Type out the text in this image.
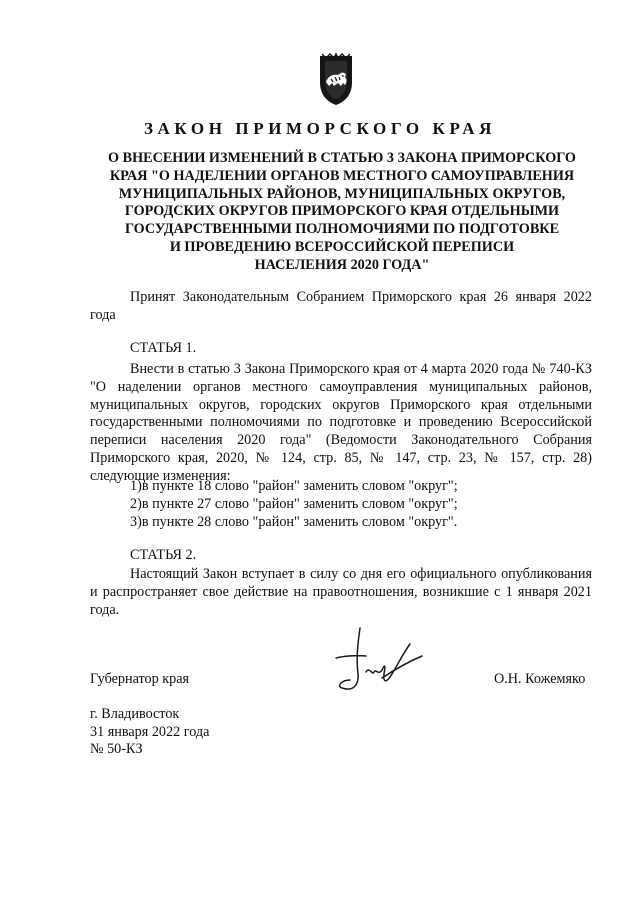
ЗАКОН ПРИМОРСКОГО КРАЯ
О ВНЕСЕНИИ ИЗМЕНЕНИЙ В СТАТЬЮ 3 ЗАКОНА ПРИМОРСКОГО
КРАЯ "О НАДЕЛЕНИИ ОРГАНОВ МЕСТНОГО САМОУПРАВЛЕНИЯ
МУНИЦИПАЛЬНЫХ РАЙОНОВ, МУНИЦИПАЛЬНЫХ ОКРУГОВ,
ГОРОДСКИХ ОКРУГОВ ПРИМОРСКОГО КРАЯ ОТДЕЛЬНЫМИ
ГОСУДАРСТВЕННЫМИ ПОЛНОМОЧИЯМИ ПО ПОДГОТОВКЕ
И ПРОВЕДЕНИЮ ВСЕРОССИЙСКОЙ ПЕРЕПИСИ
НАСЕЛЕНИЯ 2020 ГОДА"

Принят Законодательным Собранием Приморского края 26 января 2022 года

СТАТЬЯ 1.

Внести в статью 3 Закона Приморского края от 4 марта 2020 года № 740-КЗ "О наделении органов местного самоуправления муниципальных районов, муниципальных округов, городских округов Приморского края отдельными государственными полномочиями по подготовке и проведению Всероссийской переписи населения 2020 года" (Ведомости Законодательного Собрания Приморского края, 2020, № 124, стр. 85, № 147, стр. 23, № 157, стр. 28) следующие изменения:

1)в пункте 18 слово "район" заменить словом "округ";
2)в пункте 27 слово "район" заменить словом "округ";
3)в пункте 28 слово "район" заменить словом "округ".

СТАТЬЯ 2.

Настоящий Закон вступает в силу со дня его официального опубликования и распространяет свое действие на правоотношения, возникшие с 1 января 2021 года.

Губернатор края	О.Н. Кожемяко
г. Владивосток
31 января 2022 года
№ 50-КЗ
